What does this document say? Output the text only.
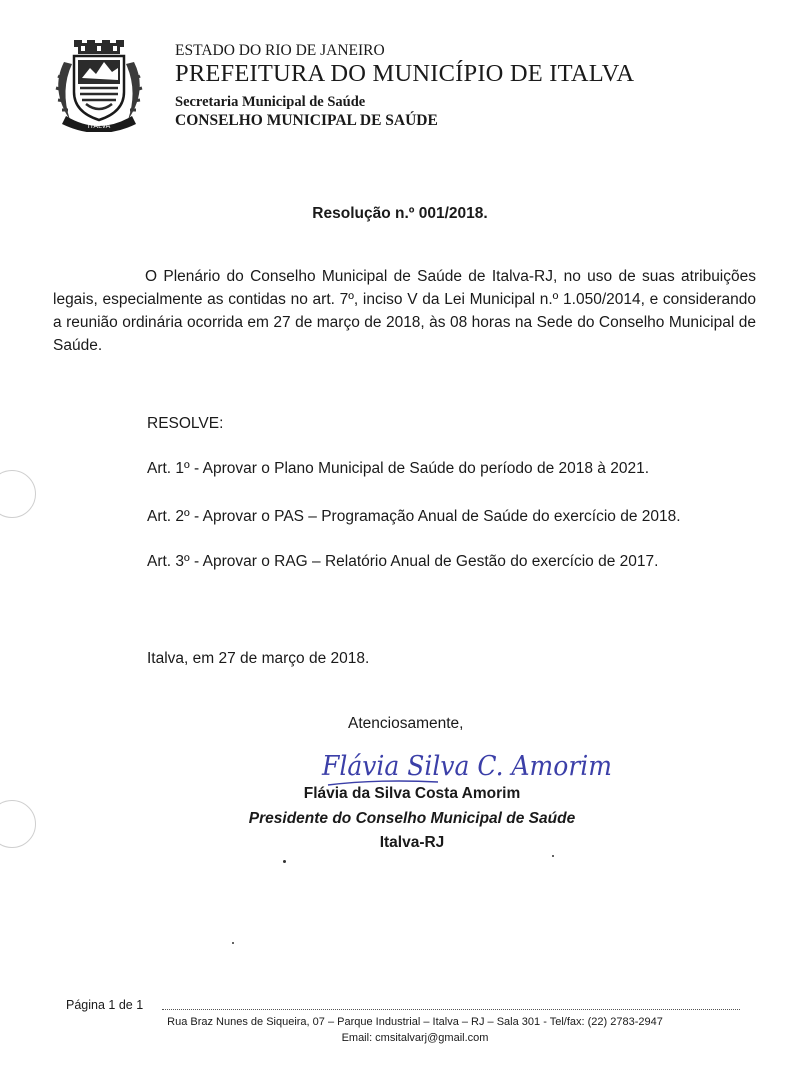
ITALVA
ESTADO DO RIO DE JANEIRO
PREFEITURA DO MUNICÍPIO DE ITALVA
Secretaria Municipal de Saúde
CONSELHO MUNICIPAL DE SAÚDE
Resolução n.º 001/2018.
O Plenário do Conselho Municipal de Saúde de Italva-RJ, no uso de suas atribuições legais, especialmente as contidas no art. 7º, inciso V da Lei Municipal n.º 1.050/2014, e considerando a reunião ordinária ocorrida em 27 de março de 2018, às 08 horas na Sede do Conselho Municipal de Saúde.
RESOLVE:
Art. 1º - Aprovar o Plano Municipal de Saúde do período de 2018 à 2021.
Art. 2º - Aprovar o PAS – Programação Anual de Saúde do exercício de 2018.
Art. 3º - Aprovar o RAG – Relatório Anual de Gestão do exercício de 2017.
Italva, em 27 de março de 2018.
Atenciosamente,
Flávia Silva C. Amorim
Flávia da Silva Costa Amorim
Presidente do Conselho Municipal de Saúde
Italva-RJ
Página 1 de 1
Rua Braz Nunes de Siqueira, 07 – Parque Industrial – Italva – RJ – Sala 301 - Tel/fax: (22) 2783-2947
Email: cmsitalvarj@gmail.com
